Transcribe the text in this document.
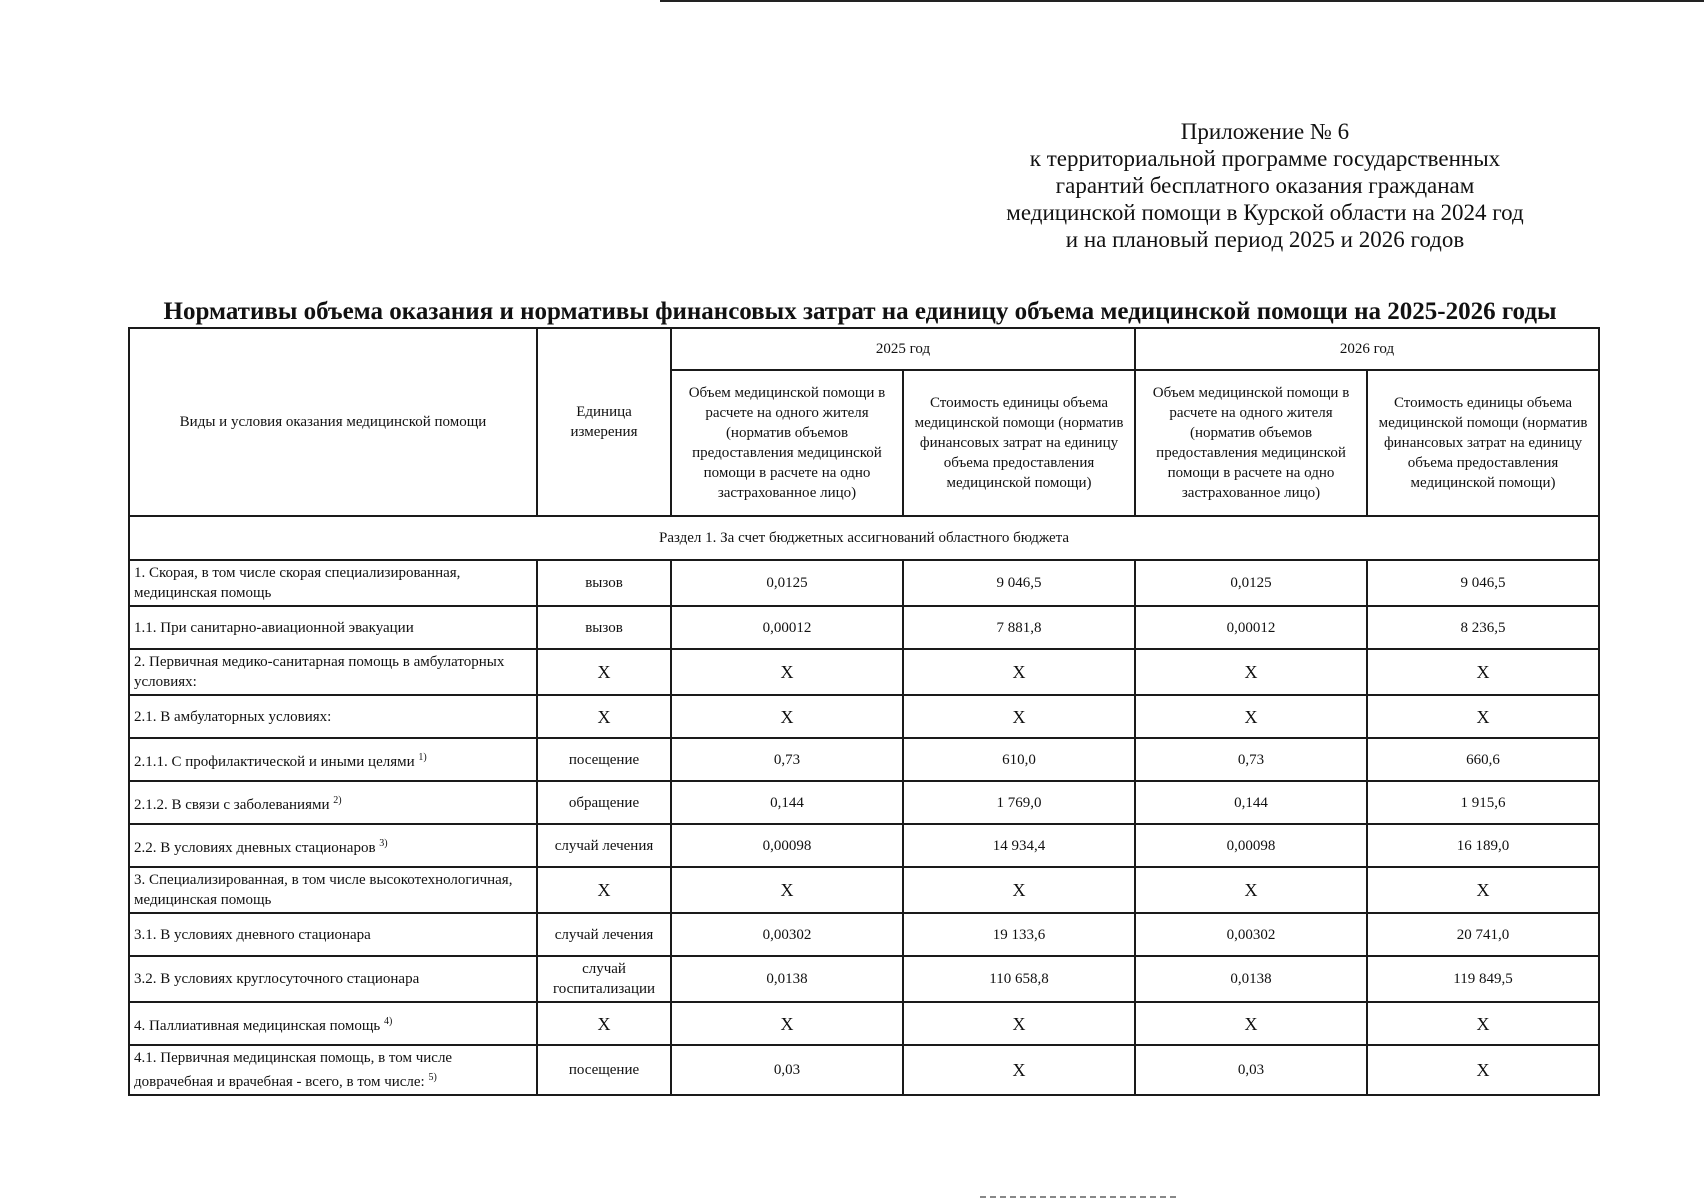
Приложение № 6
к территориальной программе государственных
гарантий бесплатного оказания гражданам
медицинской помощи в Курской области на 2024 год
и на плановый период 2025 и 2026 годов
Нормативы объема оказания и нормативы финансовых затрат на единицу объема медицинской помощи на 2025-2026 годы
Виды и условия оказания медицинской помощи	Единица измерения	2025 год		2026 год	
		Объем медицинской помощи в расчете на одного жителя (норматив объемов предоставления медицинской помощи в расчете на одно застрахованное лицо)	Стоимость единицы объема медицинской помощи (норматив финансовых затрат на единицу объема предоставления медицинской помощи)	Объем медицинской помощи в расчете на одного жителя (норматив объемов предоставления медицинской помощи в расчете на одно застрахованное лицо)	Стоимость единицы объема медицинской помощи (норматив финансовых затрат на единицу объема предоставления медицинской помощи)
Раздел 1. За счет бюджетных ассигнований областного бюджета					
1. Скорая, в том числе скорая специализированная, медицинская помощь	вызов	0,0125	9 046,5	0,0125	9 046,5
1.1. При санитарно-авиационной эвакуации	вызов	0,00012	7 881,8	0,00012	8 236,5
2. Первичная медико-санитарная помощь в амбулаторных условиях:	Х	Х	Х	Х	Х
2.1. В амбулаторных условиях:	Х	Х	Х	Х	Х
2.1.1. С профилактической и иными целями $^{1)}$	посещение	0,73	610,0	0,73	660,6
2.1.2. В связи с заболеваниями $^{2)}$	обращение	0,144	1 769,0	0,144	1 915,6
2.2. В условиях дневных стационаров $^{3)}$	случай лечения	0,00098	14 934,4	0,00098	16 189,0
3. Специализированная, в том числе высокотехнологичная, медицинская помощь	Х	Х	Х	Х	Х
3.1. В условиях дневного стационара	случай лечения	0,00302	19 133,6	0,00302	20 741,0
3.2. В условиях круглосуточного стационара	случай госпитализации	0,0138	110 658,8	0,0138	119 849,5
4. Паллиативная медицинская помощь $^{4)}$	Х	Х	Х	Х	Х
4.1. Первичная медицинская помощь, в том числе доврачебная и врачебная - всего, в том числе: $^{5)}$	посещение	0,03	Х	0,03	Х
